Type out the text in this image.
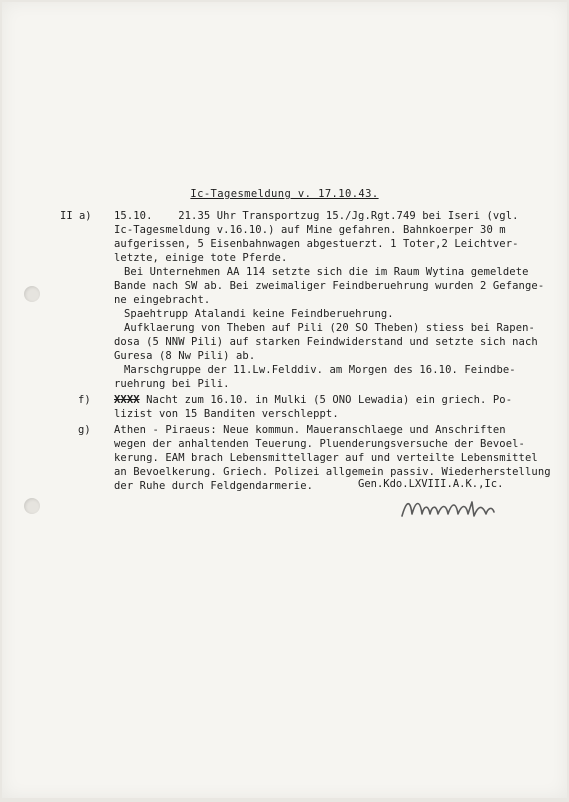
Ic-Tagesmeldung v. 17.10.43.
II a) 15.10.    21.35 Uhr Transportzug 15./Jg.Rgt.749 bei Iseri (vgl.
Ic-Tagesmeldung v.16.10.) auf Mine gefahren. Bahnkoerper 30 m
aufgerissen, 5 Eisenbahnwagen abgestuerzt. 1 Toter,2 Leichtver-
letzte, einige tote Pferde.
Bei Unternehmen AA 114 setzte sich die im Raum Wytina gemeldete
Bande nach SW ab. Bei zweimaliger Feindberuehrung wurden 2 Gefange-
ne eingebracht.
Spaehtrupp Atalandi keine Feindberuehrung.
Aufklaerung von Theben auf Pili (20 SO Theben) stiess bei Rapen-
dosa (5 NNW Pili) auf starken Feindwiderstand und setzte sich nach
Guresa (8 Nw Pili) ab.
Marschgruppe der 11.Lw.Felddiv. am Morgen des 16.10. Feindbe-
ruehrung bei Pili.
f) XXXX Nacht zum 16.10. in Mulki (5 ONO Lewadia) ein griech. Po-
lizist von 15 Banditen verschleppt.
g) Athen - Piraeus: Neue kommun. Maueranschlaege und Anschriften
wegen der anhaltenden Teuerung. Pluenderungsversuche der Bevoel-
kerung. EAM brach Lebensmittellager auf und verteilte Lebensmittel
an Bevoelkerung. Griech. Polizei allgemein passiv. Wiederherstellung
der Ruhe durch Feldgendarmerie.	Gen.Kdo.LXVIII.A.K.,Ic.
